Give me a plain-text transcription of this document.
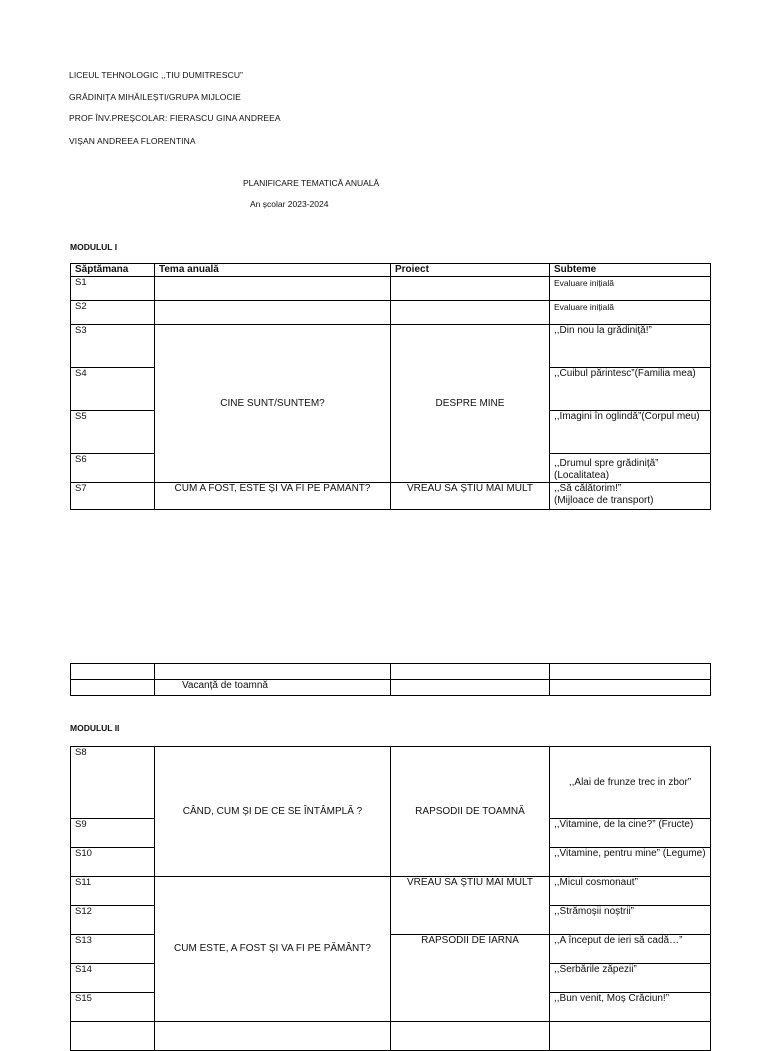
LICEUL TEHNOLOGIC ,,TIU DUMITRESCU”
GRĂDINIȚA MIHĂILEȘTI/GRUPA MIJLOCIE
PROF ÎNV.PREȘCOLAR: FIERASCU GINA ANDREEA
VIȘAN ANDREEA FLORENTINA
PLANIFICARE TEMATICĂ ANUALĂ
An școlar 2023-2024
MODULUL I
Săptămana	Tema anuală	Proiect	Subteme
S1			Evaluare inițială
S2			Evaluare inițială
S3	CINE SUNT/SUNTEM?	DESPRE MINE	,,Din nou la grădiniță!”
S4			,,Cuibul părintesc”(Familia mea)
S5			,,Imagini în oglindă”(Corpul meu)
S6			,,Drumul spre grădiniță” (Localitatea)
S7	CUM A FOST, ESTE ȘI VA FI PE PĂMÂNT?	VREAU SĂ ȘTIU MAI MULT	,,Să călătorim!”
(Mijloace de transport)

	Vacanță de toamnă		
MODULUL II
S8	CÂND, CUM ȘI DE CE SE ÎNTÂMPLĂ ?	RAPSODII DE TOAMNĂ	,,Alai de frunze trec in zbor”
S9			,,Vitamine, de la cine?” (Fructe)
S10			,,Vitamine, pentru mine” (Legume)
S11	CUM ESTE, A FOST ȘI VA FI PE PĂMÂNT?	VREAU SĂ ȘTIU MAI MULT	,,Micul cosmonaut”
S12			,,Strămoșii noștrii”
S13		RAPSODII DE IARNĂ	,,A început de ieri să cadă…”
S14			,,Serbările zăpezii”
S15			,,Bun venit, Moș Crăciun!”
